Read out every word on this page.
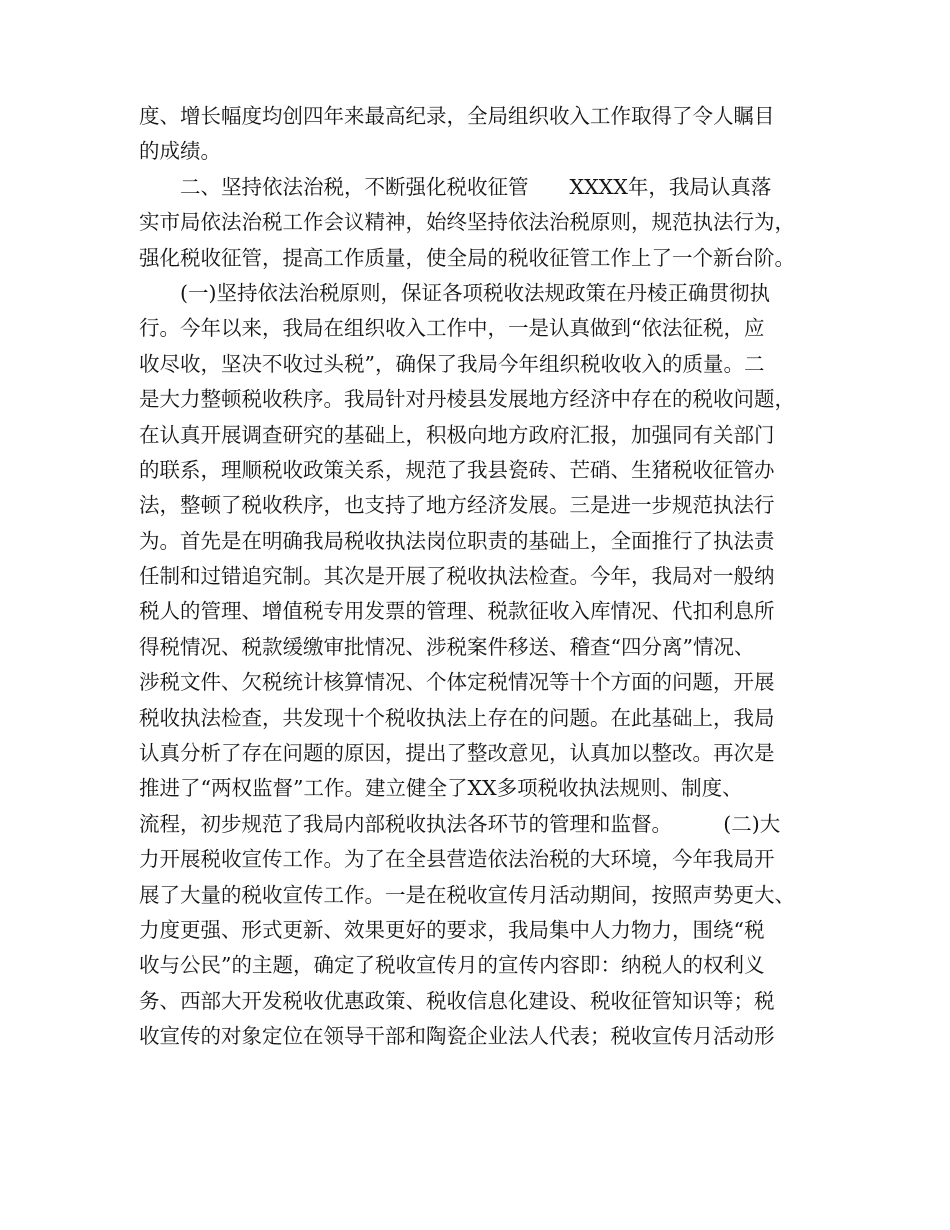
度、增长幅度均创四年来最高纪录，全局组织收入工作取得了令人瞩目
的成绩。
　　二、坚持依法治税，不断强化税收征管　　XXXX年，我局认真落
实市局依法治税工作会议精神，始终坚持依法治税原则，规范执法行为，
强化税收征管，提高工作质量，使全局的税收征管工作上了一个新台阶。
　　(一)坚持依法治税原则，保证各项税收法规政策在丹棱正确贯彻执
行。今年以来，我局在组织收入工作中，一是认真做到“依法征税，应
收尽收，坚决不收过头税”，确保了我局今年组织税收收入的质量。二
是大力整顿税收秩序。我局针对丹棱县发展地方经济中存在的税收问题，
在认真开展调查研究的基础上，积极向地方政府汇报，加强同有关部门
的联系，理顺税收政策关系，规范了我县瓷砖、芒硝、生猪税收征管办
法，整顿了税收秩序，也支持了地方经济发展。三是进一步规范执法行
为。首先是在明确我局税收执法岗位职责的基础上，全面推行了执法责
任制和过错追究制。其次是开展了税收执法检查。今年，我局对一般纳
税人的管理、增值税专用发票的管理、税款征收入库情况、代扣利息所
得税情况、税款缓缴审批情况、涉税案件移送、稽查“四分离”情况、
涉税文件、欠税统计核算情况、个体定税情况等十个方面的问题，开展
税收执法检查，共发现十个税收执法上存在的问题。在此基础上，我局
认真分析了存在问题的原因，提出了整改意见，认真加以整改。再次是
推进了“两权监督”工作。建立健全了XX多项税收执法规则、制度、
流程，初步规范了我局内部税收执法各环节的管理和监督。　　　(二)大
力开展税收宣传工作。为了在全县营造依法治税的大环境，今年我局开
展了大量的税收宣传工作。一是在税收宣传月活动期间，按照声势更大、
力度更强、形式更新、效果更好的要求，我局集中人力物力，围绕“税
收与公民”的主题，确定了税收宣传月的宣传内容即：纳税人的权利义
务、西部大开发税收优惠政策、税收信息化建设、税收征管知识等；税
收宣传的对象定位在领导干部和陶瓷企业法人代表；税收宣传月活动形
